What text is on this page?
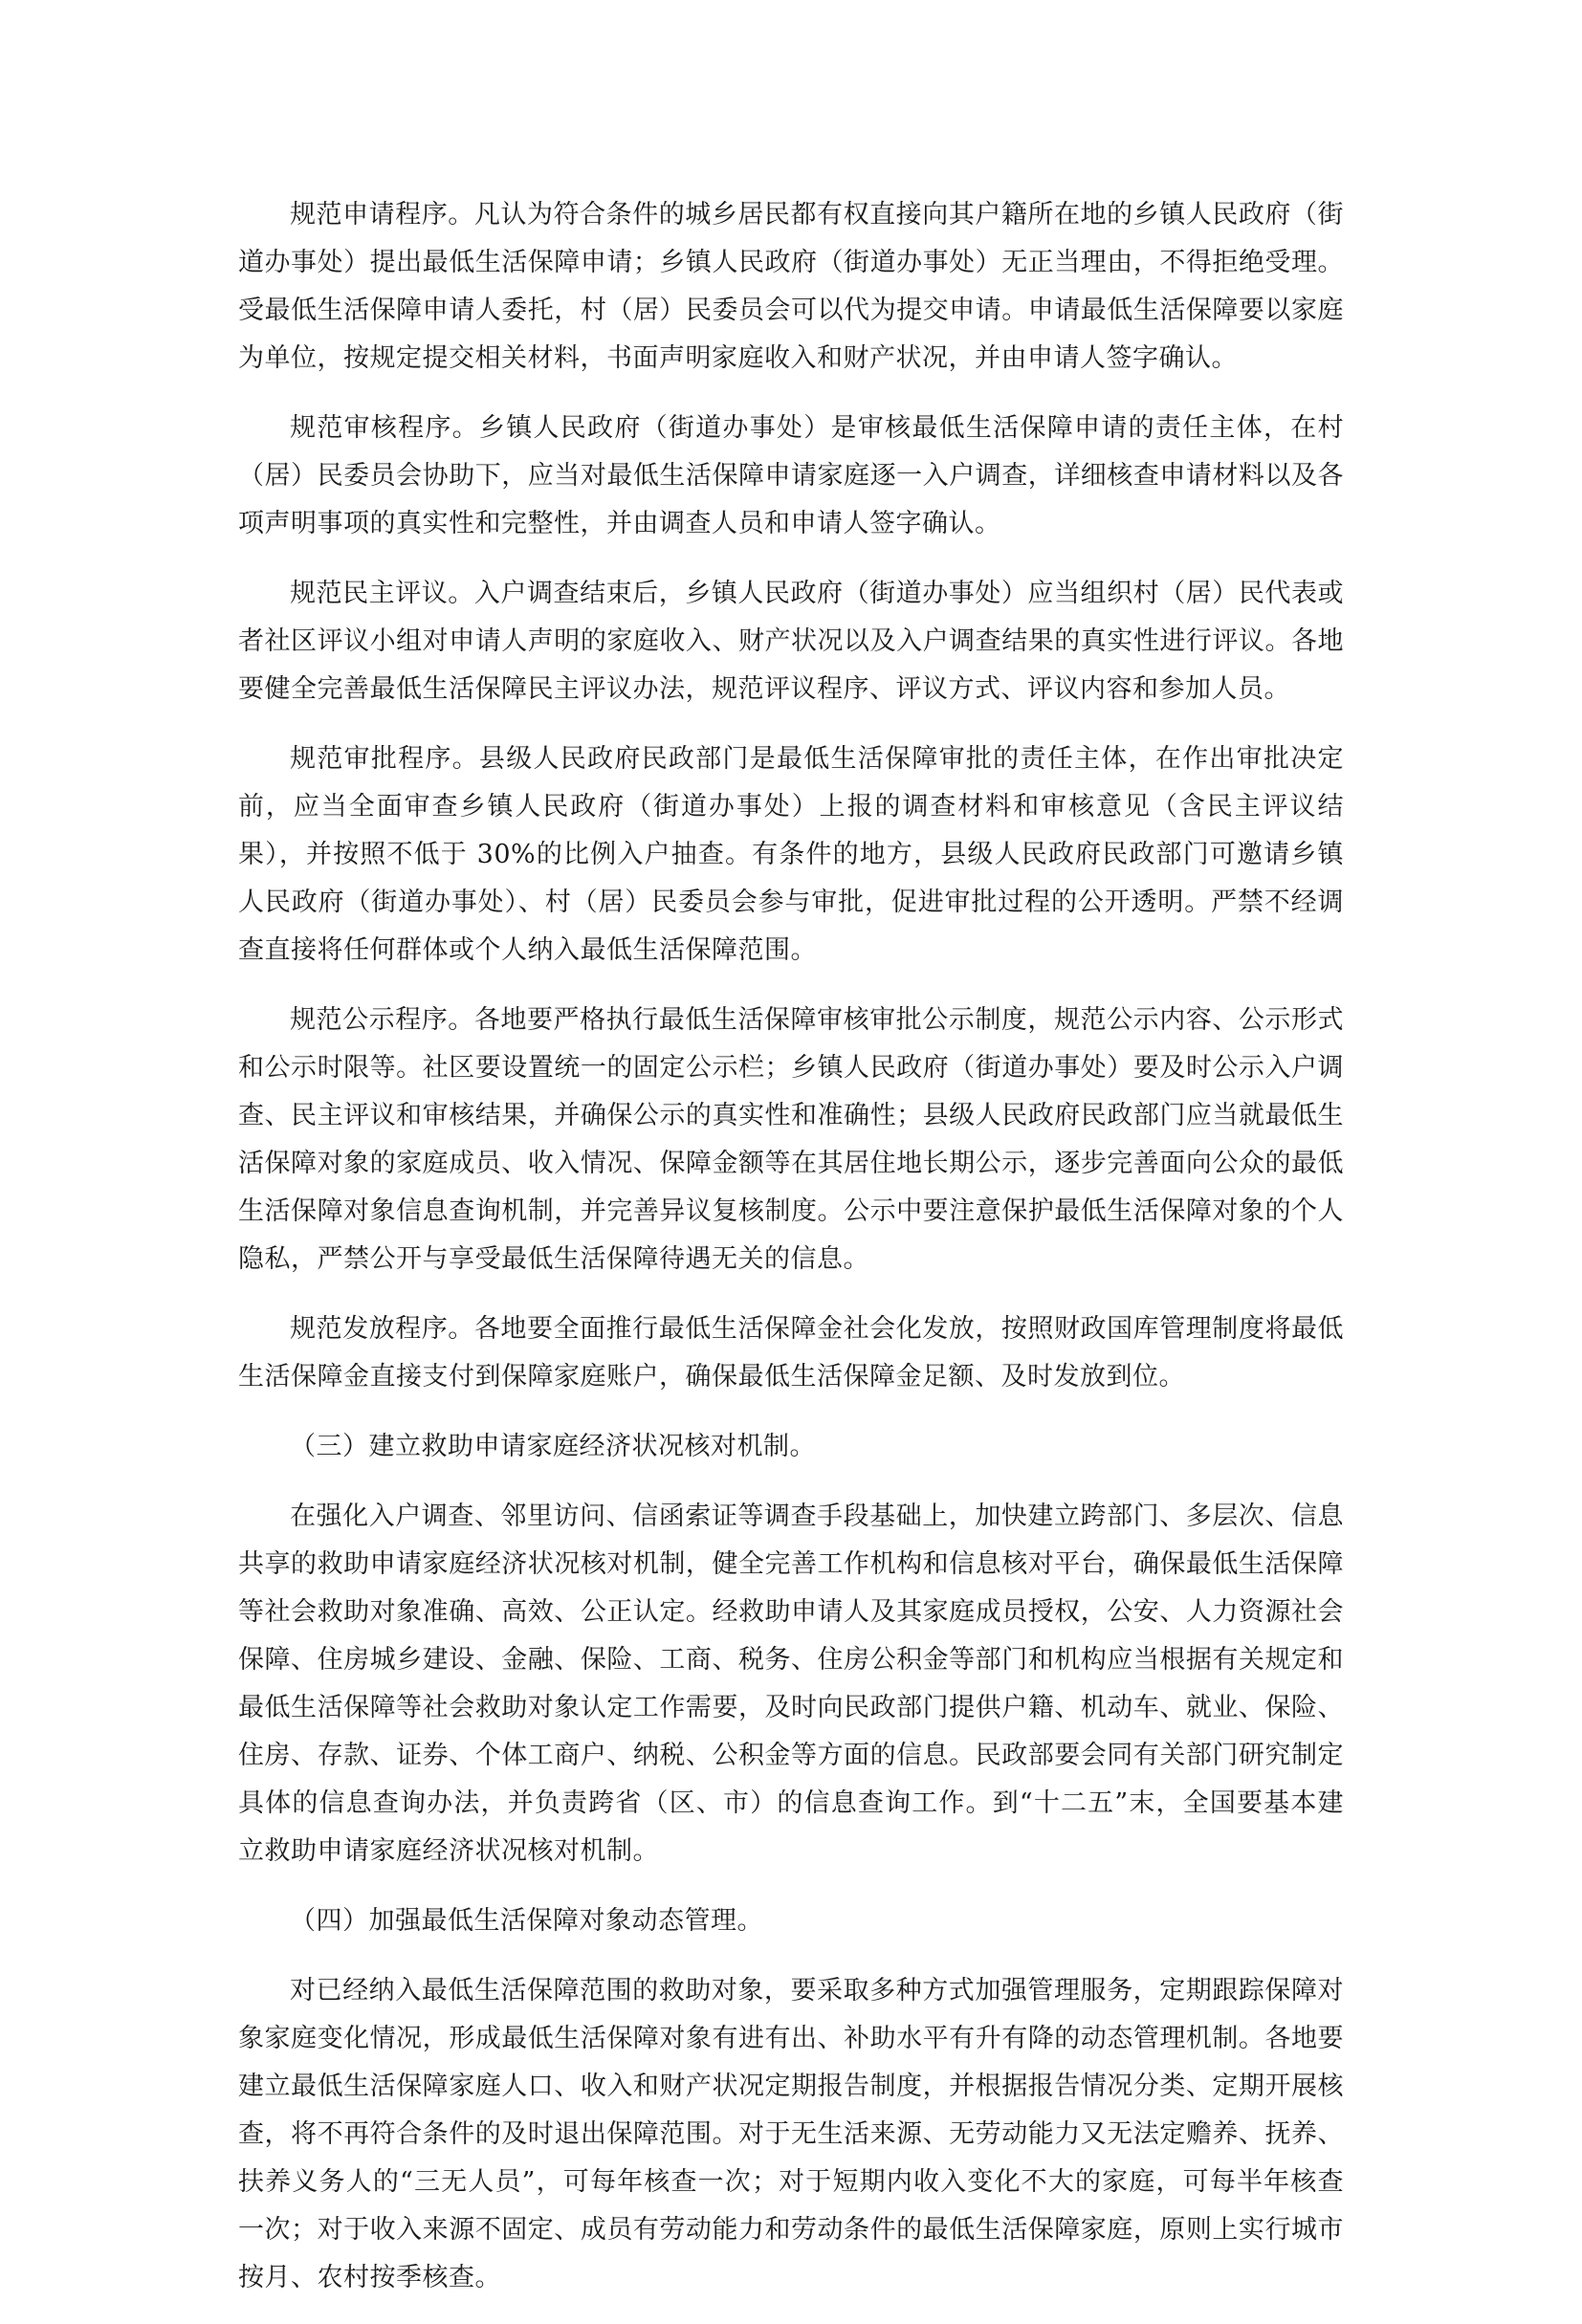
规范申请程序。凡认为符合条件的城乡居民都有权直接向其户籍所在地的乡镇人民政府（街道办事处）提出最低生活保障申请；乡镇人民政府（街道办事处）无正当理由，不得拒绝受理。受最低生活保障申请人委托，村（居）民委员会可以代为提交申请。申请最低生活保障要以家庭为单位，按规定提交相关材料，书面声明家庭收入和财产状况，并由申请人签字确认。

规范审核程序。乡镇人民政府（街道办事处）是审核最低生活保障申请的责任主体，在村（居）民委员会协助下，应当对最低生活保障申请家庭逐一入户调查，详细核查申请材料以及各项声明事项的真实性和完整性，并由调查人员和申请人签字确认。

规范民主评议。入户调查结束后，乡镇人民政府（街道办事处）应当组织村（居）民代表或者社区评议小组对申请人声明的家庭收入、财产状况以及入户调查结果的真实性进行评议。各地要健全完善最低生活保障民主评议办法，规范评议程序、评议方式、评议内容和参加人员。

规范审批程序。县级人民政府民政部门是最低生活保障审批的责任主体，在作出审批决定前，应当全面审查乡镇人民政府（街道办事处）上报的调查材料和审核意见（含民主评议结果），并按照不低于 30%的比例入户抽查。有条件的地方，县级人民政府民政部门可邀请乡镇人民政府（街道办事处）、村（居）民委员会参与审批，促进审批过程的公开透明。严禁不经调查直接将任何群体或个人纳入最低生活保障范围。

规范公示程序。各地要严格执行最低生活保障审核审批公示制度，规范公示内容、公示形式和公示时限等。社区要设置统一的固定公示栏；乡镇人民政府（街道办事处）要及时公示入户调查、民主评议和审核结果，并确保公示的真实性和准确性；县级人民政府民政部门应当就最低生活保障对象的家庭成员、收入情况、保障金额等在其居住地长期公示，逐步完善面向公众的最低生活保障对象信息查询机制，并完善异议复核制度。公示中要注意保护最低生活保障对象的个人隐私，严禁公开与享受最低生活保障待遇无关的信息。

规范发放程序。各地要全面推行最低生活保障金社会化发放，按照财政国库管理制度将最低生活保障金直接支付到保障家庭账户，确保最低生活保障金足额、及时发放到位。

（三）建立救助申请家庭经济状况核对机制。

在强化入户调查、邻里访问、信函索证等调查手段基础上，加快建立跨部门、多层次、信息共享的救助申请家庭经济状况核对机制，健全完善工作机构和信息核对平台，确保最低生活保障等社会救助对象准确、高效、公正认定。经救助申请人及其家庭成员授权，公安、人力资源社会保障、住房城乡建设、金融、保险、工商、税务、住房公积金等部门和机构应当根据有关规定和最低生活保障等社会救助对象认定工作需要，及时向民政部门提供户籍、机动车、就业、保险、住房、存款、证券、个体工商户、纳税、公积金等方面的信息。民政部要会同有关部门研究制定具体的信息查询办法，并负责跨省（区、市）的信息查询工作。到“十二五”末，全国要基本建立救助申请家庭经济状况核对机制。

（四）加强最低生活保障对象动态管理。

对已经纳入最低生活保障范围的救助对象，要采取多种方式加强管理服务，定期跟踪保障对象家庭变化情况，形成最低生活保障对象有进有出、补助水平有升有降的动态管理机制。各地要建立最低生活保障家庭人口、收入和财产状况定期报告制度，并根据报告情况分类、定期开展核查，将不再符合条件的及时退出保障范围。对于无生活来源、无劳动能力又无法定赡养、抚养、扶养义务人的“三无人员”，可每年核查一次；对于短期内收入变化不大的家庭，可每半年核查一次；对于收入来源不固定、成员有劳动能力和劳动条件的最低生活保障家庭，原则上实行城市按月、农村按季核查。
